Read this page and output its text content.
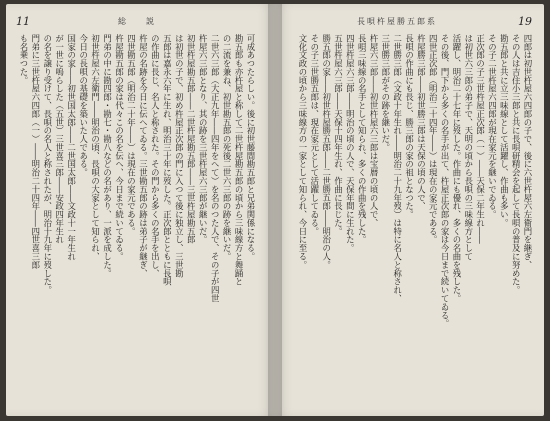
11	総　説
可成あつたらしい。後に初世藤間勘五郎と兄弟関係になる。
勘五郎も亦杵屋と称して二世杵屋勘五郎の頃から三味線方と舞踊と
の二流を兼ね、初世勘五郎の死後二世六三郎の跡を継いだ。
二世六三郎（大正九年――四年をへて）を名のつた人で、その子が四世
杵屋六三郎となり、其の跡を三世杵屋六三郎が継いだ。
初世杵屋勘五郎――二世杵屋勘五郎――三世杵屋勘五郎
は初世の子で、初め杵屋正次郎の門に入つて後に独立し、三世勘
五郎は嘉永六年に生れ、明治三十年に歿した。正次郎とともに長唄
の作曲に長じ、名人と称された。その門から多くの名手を出し、
杵屋の名跡を今日に伝へてゐる。三世勘五郎の跡は弟子が継ぎ、
四世勘五郎（明治二十年――）は現在の家元である。
杵屋勘五郎の家は代々この名を伝へ、今日まで続いてゐる。
門弟の中に勘四郎・勘七・勘八などの名があり、一派を成した。
初世杵屋六左衛門――明治の頃、長唄の大家として知られ、
今日の長唄の基礎を築いた人である。
国家の家――初世国太郎――二世国太郎――文政十一年生れ
が一世に嗚らした（五世）三世喜三郎――安政四年生れ
の名を譲り受けて、長唄の名人と称されたが、明治十九年に歿した。
門弟に三世杵屋六四郎（一）――明治二十四年――四世喜三郎
も名乗つた。
19
長唄杵屋勝五郎系
四郎は初世杵屋六四郎の子で、後に六世杵屋六左衛門を継ぎ、
その人は吉住小三郎と共に長唄研精会を起して長唄の普及に努めた。
勘五郎と共に立三味線として活躍し、作曲も多い。
その子二世杵屋六四郎が現在家元を継いでゐる。
正次郎の子三世杵屋正次郎（一）――天保二年生れ――
は初世六三郎の弟子で、天明の頃から長唄の三味線方として
活躍し、明治二十七年に歿した。作曲にも優れ、多くの名曲を残した。
その後、門下から多くの名手が出て、杵屋正次郎の家は今日まで続いてゐる。
四世正次郎（明治二十四年――）は現在の家元である。
杵屋勝三郎――初世勝三郎は天保の頃の人で、
長唄の作曲にも長じ、勝三郎の家の祖となつた。
二世勝三郎（文政十年生れ――明治二十九年歿）は特に名人と称され、
三世勝三郎がその跡を継いだ。
杵屋六三郎――初世杵屋六三郎は宝暦の頃の人で、
長唄三味線の名手として知られ、多くの作曲を残した。
四世杵屋六三郎――明治の頃の人で、天保年間に生れた。
五世杵屋六三郎――天保十四年生れ、作曲に長じた。
勝五郎の家――初世杵屋勝五郎――二世勝五郎――明治の人。
その子三世勝五郎は、現在家元として活躍してゐる。
文化文政の頃から三味線方の一家として知られ、今日に至る。
